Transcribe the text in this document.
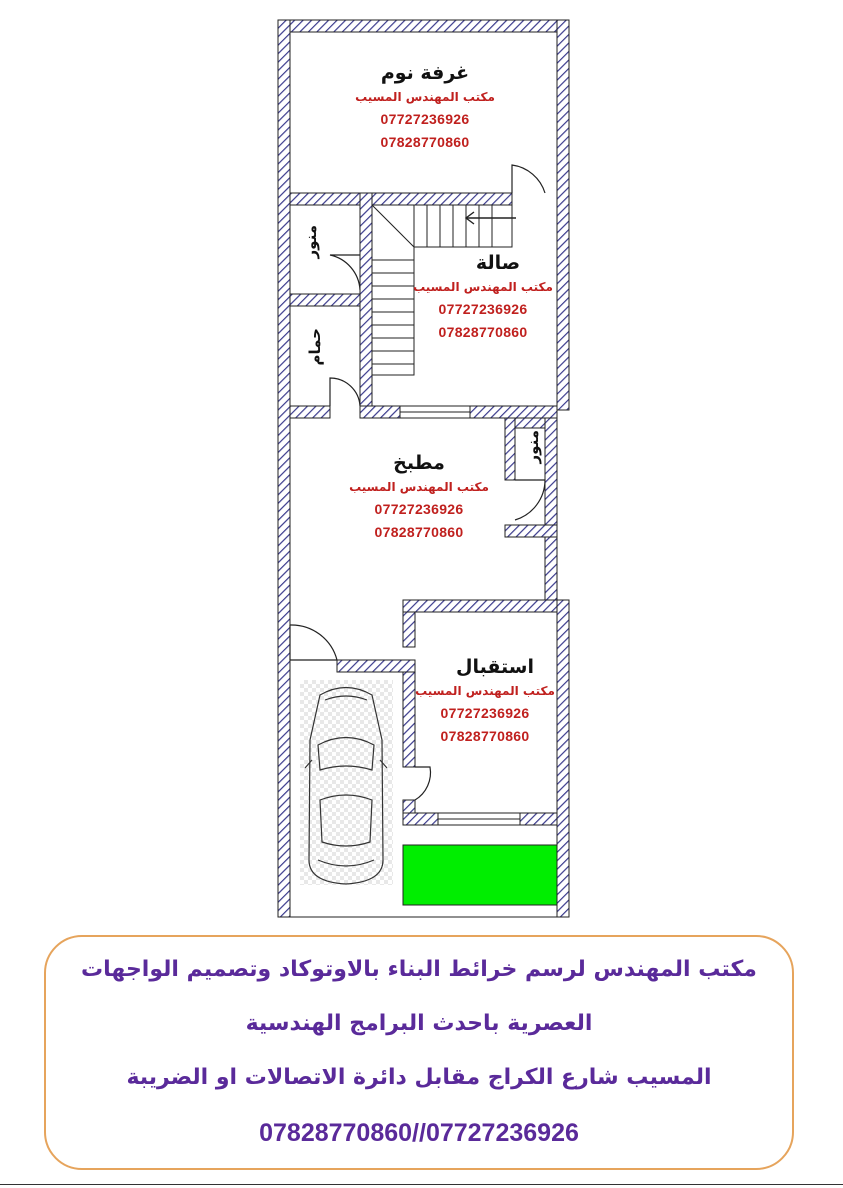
غرفة نوم
مكتب المهندس المسيب
07727236926
07828770860
صالة
مكتب المهندس المسيب
07727236926
07828770860
مطبخ
مكتب المهندس المسيب
07727236926
07828770860
استقبال
مكتب المهندس المسيب
07727236926
07828770860
منور
حمام
منور
مكتب المهندس لرسم خرائط البناء بالاوتوكاد وتصميم الواجهات
العصرية باحدث البرامج الهندسية
المسيب شارع الكراج مقابل دائرة الاتصالات او الضريبة
07828770860//07727236926
